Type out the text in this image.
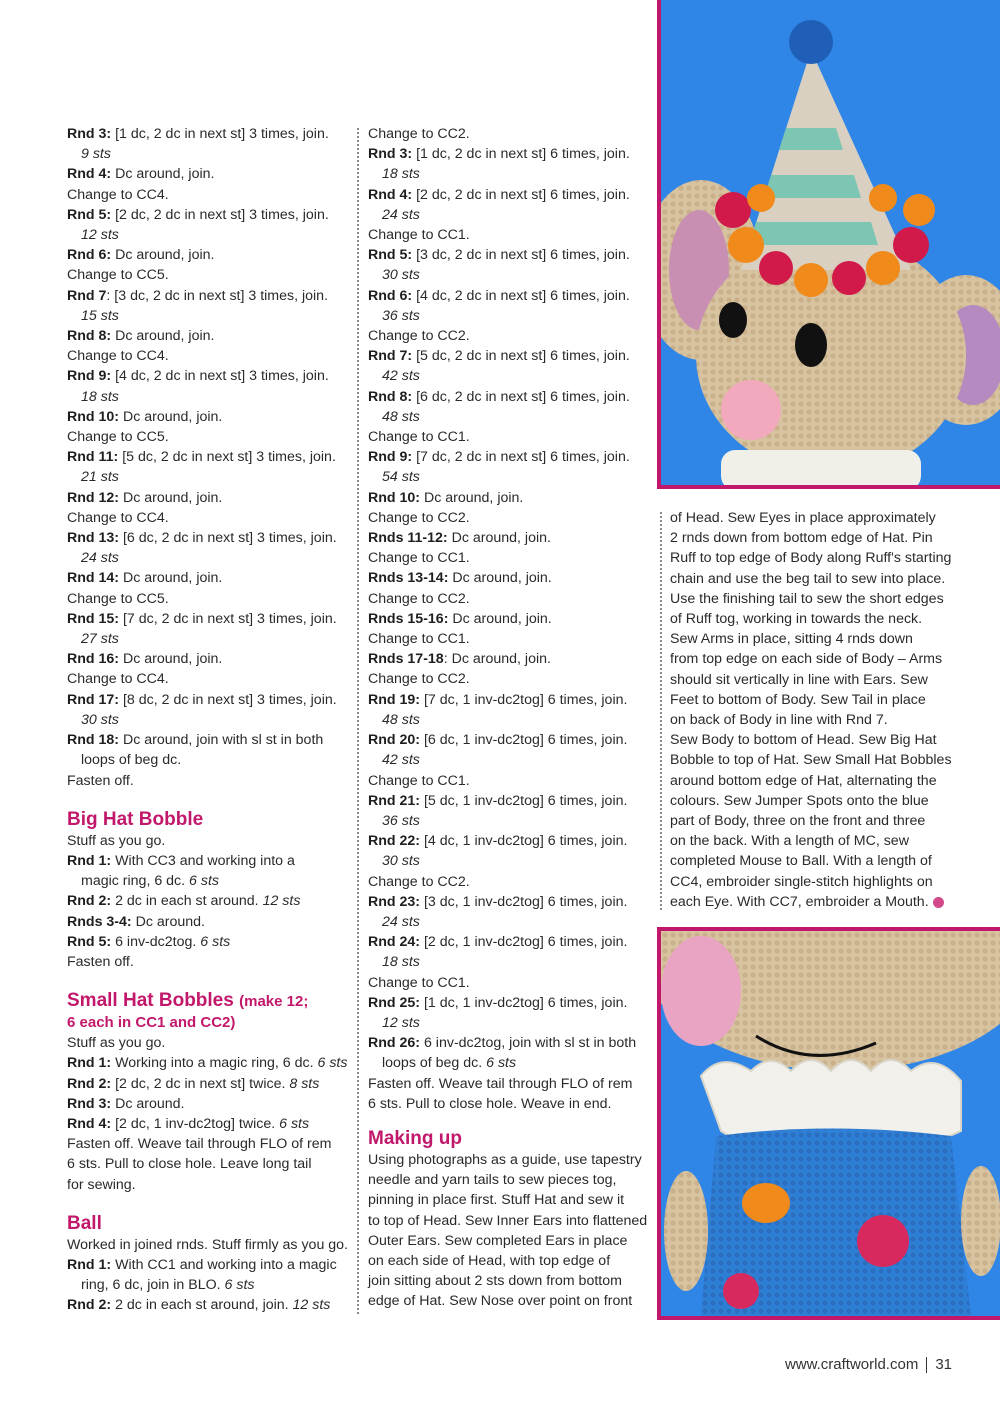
Rnd 3: [1 dc, 2 dc in next st] 3 times, join.

9 sts

Rnd 4: Dc around, join.

Change to CC4.

Rnd 5: [2 dc, 2 dc in next st] 3 times, join.

12 sts

Rnd 6: Dc around, join.

Change to CC5.

Rnd 7: [3 dc, 2 dc in next st] 3 times, join.

15 sts

Rnd 8: Dc around, join.

Change to CC4.

Rnd 9: [4 dc, 2 dc in next st] 3 times, join.

18 sts

Rnd 10: Dc around, join.

Change to CC5.

Rnd 11: [5 dc, 2 dc in next st] 3 times, join.

21 sts

Rnd 12: Dc around, join.

Change to CC4.

Rnd 13: [6 dc, 2 dc in next st] 3 times, join.

24 sts

Rnd 14: Dc around, join.

Change to CC5.

Rnd 15: [7 dc, 2 dc in next st] 3 times, join.

27 sts

Rnd 16: Dc around, join.

Change to CC4.

Rnd 17: [8 dc, 2 dc in next st] 3 times, join.

30 sts

Rnd 18: Dc around, join with sl st in both

loops of beg dc.

Fasten off.

Big Hat Bobble

Stuff as you go.

Rnd 1: With CC3 and working into a

magic ring, 6 dc. 6 sts

Rnd 2: 2 dc in each st around. 12 sts

Rnds 3-4: Dc around.

Rnd 5: 6 inv-dc2tog. 6 sts

Fasten off.

Small Hat Bobbles (make 12;

6 each in CC1 and CC2)

Stuff as you go.

Rnd 1: Working into a magic ring, 6 dc. 6 sts

Rnd 2: [2 dc, 2 dc in next st] twice. 8 sts

Rnd 3: Dc around.

Rnd 4: [2 dc, 1 inv-dc2tog] twice. 6 sts

Fasten off. Weave tail through FLO of rem

6 sts. Pull to close hole. Leave long tail

for sewing.

Ball

Worked in joined rnds. Stuff firmly as you go.

Rnd 1: With CC1 and working into a magic

ring, 6 dc, join in BLO. 6 sts

Rnd 2: 2 dc in each st around, join. 12 sts

Change to CC2.

Rnd 3: [1 dc, 2 dc in next st] 6 times, join.

18 sts

Rnd 4: [2 dc, 2 dc in next st] 6 times, join.

24 sts

Change to CC1.

Rnd 5: [3 dc, 2 dc in next st] 6 times, join.

30 sts

Rnd 6: [4 dc, 2 dc in next st] 6 times, join.

36 sts

Change to CC2.

Rnd 7: [5 dc, 2 dc in next st] 6 times, join.

42 sts

Rnd 8: [6 dc, 2 dc in next st] 6 times, join.

48 sts

Change to CC1.

Rnd 9: [7 dc, 2 dc in next st] 6 times, join.

54 sts

Rnd 10: Dc around, join.

Change to CC2.

Rnds 11-12: Dc around, join.

Change to CC1.

Rnds 13-14: Dc around, join.

Change to CC2.

Rnds 15-16: Dc around, join.

Change to CC1.

Rnds 17-18: Dc around, join.

Change to CC2.

Rnd 19: [7 dc, 1 inv-dc2tog] 6 times, join.

48 sts

Rnd 20: [6 dc, 1 inv-dc2tog] 6 times, join.

42 sts

Change to CC1.

Rnd 21: [5 dc, 1 inv-dc2tog] 6 times, join.

36 sts

Rnd 22: [4 dc, 1 inv-dc2tog] 6 times, join.

30 sts

Change to CC2.

Rnd 23: [3 dc, 1 inv-dc2tog] 6 times, join.

24 sts

Rnd 24: [2 dc, 1 inv-dc2tog] 6 times, join.

18 sts

Change to CC1.

Rnd 25: [1 dc, 1 inv-dc2tog] 6 times, join.

12 sts

Rnd 26: 6 inv-dc2tog, join with sl st in both

loops of beg dc. 6 sts

Fasten off. Weave tail through FLO of rem

6 sts. Pull to close hole. Weave in end.

Making up

Using photographs as a guide, use tapestry

needle and yarn tails to sew pieces tog,

pinning in place first. Stuff Hat and sew it

to top of Head. Sew Inner Ears into flattened

Outer Ears. Sew completed Ears in place

on each side of Head, with top edge of

join sitting about 2 sts down from bottom

edge of Hat. Sew Nose over point on front

of Head. Sew Eyes in place approximately

2 rnds down from bottom edge of Hat. Pin

Ruff to top edge of Body along Ruff's starting

chain and use the beg tail to sew into place.

Use the finishing tail to sew the short edges

of Ruff tog, working in towards the neck.

Sew Arms in place, sitting 4 rnds down

from top edge on each side of Body – Arms

should sit vertically in line with Ears. Sew

Feet to bottom of Body. Sew Tail in place

on back of Body in line with Rnd 7.

Sew Body to bottom of Head. Sew Big Hat

Bobble to top of Hat. Sew Small Hat Bobbles

around bottom edge of Hat, alternating the

colours. Sew Jumper Spots onto the blue

part of Body, three on the front and three

on the back. With a length of MC, sew

completed Mouse to Ball. With a length of

CC4, embroider single-stitch highlights on

each Eye. With CC7, embroider a Mouth.

www.craftworld.com 31
